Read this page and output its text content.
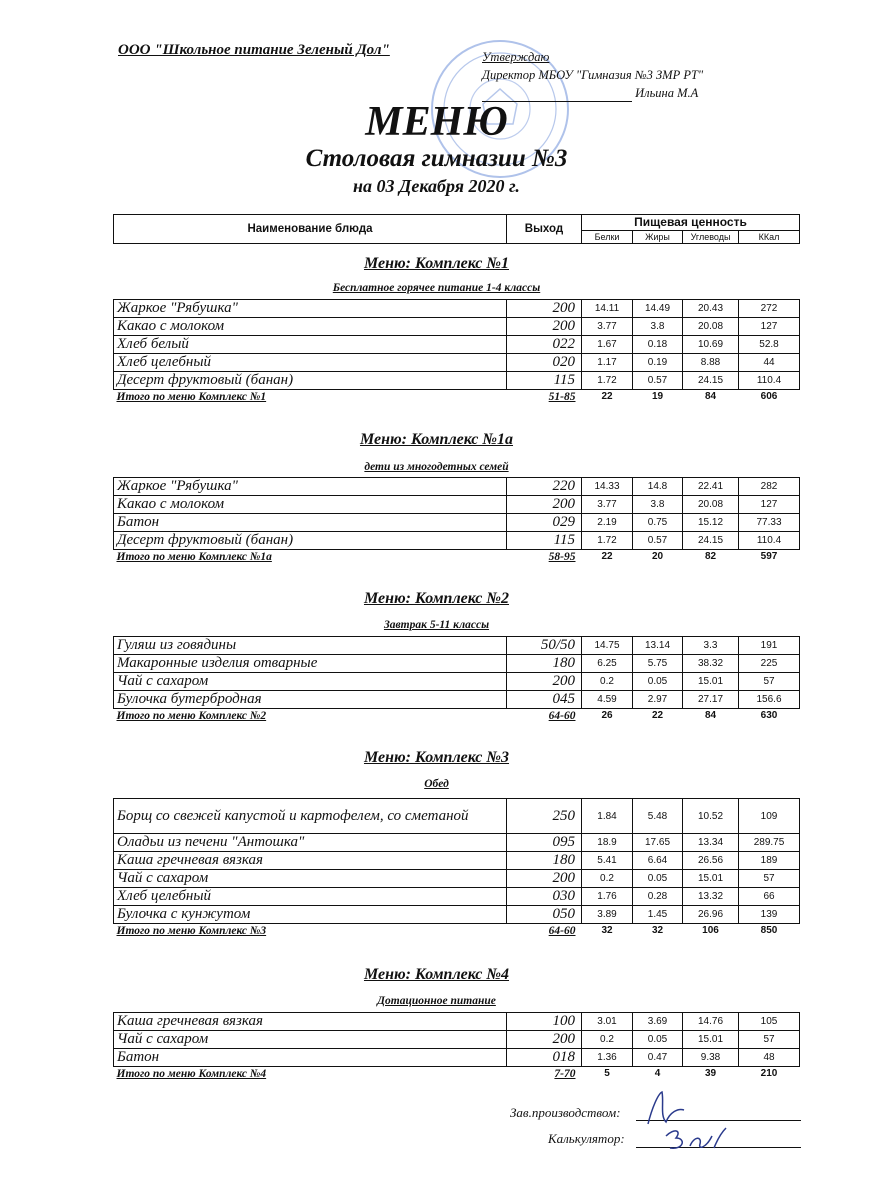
ООО "Школьное питание Зеленый Дол"	Утверждаю
Директор МБОУ "Гимназия №3 ЗМР РТ"
Ильина М.А
МЕНЮ
Столовая гимназии №3
на 03 Декабря 2020 г.
Наименование блюда	Выход	Пищевая ценность			
		Белки	Жиры	Углеводы	ККал
Меню: Комплекс №1
Бесплатное горячее питание 1-4 классы
Жаркое "Рябушка"	200	14.11	14.49	20.43	272
Какао с молоком	200	3.77	3.8	20.08	127
Хлеб белый	022	1.67	0.18	10.69	52.8
Хлеб целебный	020	1.17	0.19	8.88	44
Десерт фруктовый (банан)	115	1.72	0.57	24.15	110.4
Итого по меню Комплекс №1	51-85	22	19	84	606
Меню: Комплекс №1а
дети из многодетных семей
Жаркое "Рябушка"	220	14.33	14.8	22.41	282
Какао с молоком	200	3.77	3.8	20.08	127
Батон	029	2.19	0.75	15.12	77.33
Десерт фруктовый (банан)	115	1.72	0.57	24.15	110.4
Итого по меню Комплекс №1а	58-95	22	20	82	597
Меню: Комплекс №2
Завтрак 5-11 классы
Гуляш из говядины	50/50	14.75	13.14	3.3	191
Макаронные изделия отварные	180	6.25	5.75	38.32	225
Чай с сахаром	200	0.2	0.05	15.01	57
Булочка бутербродная	045	4.59	2.97	27.17	156.6
Итого по меню Комплекс №2	64-60	26	22	84	630
Меню: Комплекс №3
Обед
Борщ со свежей капустой и картофелем, со сметаной	250	1.84	5.48	10.52	109
Оладьи из печени "Антошка"	095	18.9	17.65	13.34	289.75
Каша гречневая вязкая	180	5.41	6.64	26.56	189
Чай с сахаром	200	0.2	0.05	15.01	57
Хлеб целебный	030	1.76	0.28	13.32	66
Булочка с кунжутом	050	3.89	1.45	26.96	139
Итого по меню Комплекс №3	64-60	32	32	106	850
Меню: Комплекс №4
Дотационное питание
Каша гречневая вязкая	100	3.01	3.69	14.76	105
Чай с сахаром	200	0.2	0.05	15.01	57
Батон	018	1.36	0.47	9.38	48
Итого по меню Комплекс №4	7-70	5	4	39	210
Зав.производством:
Калькулятор:
